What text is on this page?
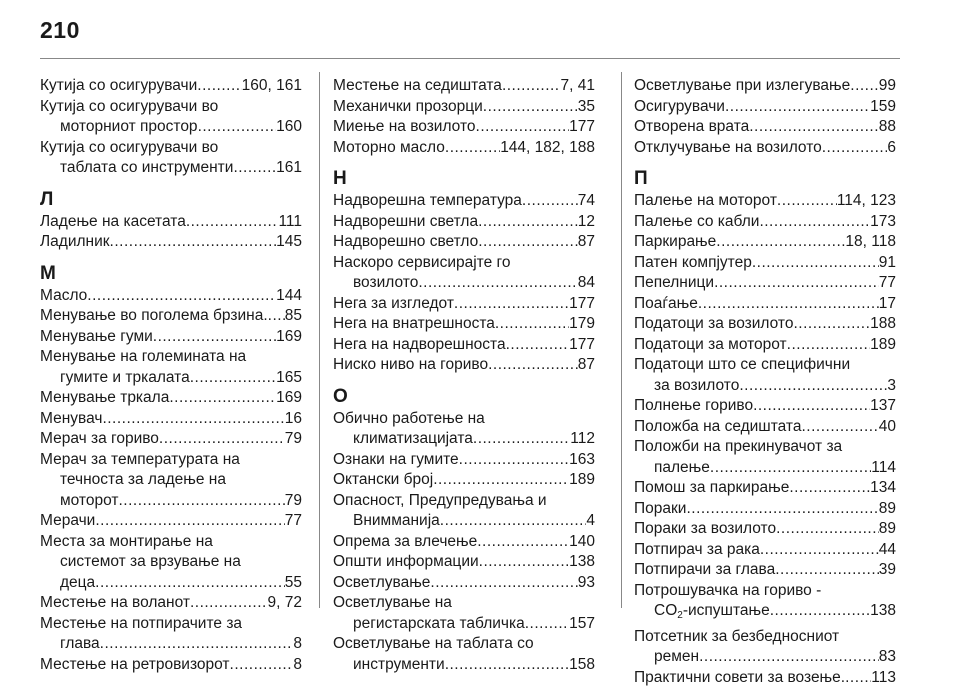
210
Кутија со осигурувачи .....	160, 161
Кутија со осигурувачи во
моторниот простор .....	160
Кутија со осигурувачи во
таблата со инструменти .....	161
Л
Ладење на касетата .....	111
Ладилник .....	145
М
Масло .....	144
Менување во поголема брзина. ..... 85
Менување гуми .....	169
Менување на големината на
гумите и тркалата .....	165
Менување тркала .....	169
Менувач .....	16
Мерач за гориво .....	79
Мерач за температурата на
течноста за ладење на
моторот .....	79
Мерачи .....	77
Места за монтирање на
системот за врзување на
деца .....	55
Местење на воланот .....	9, 72
Местење на потпирачите за
глава .....	8
Местење на ретровизорот .....	8
Местење на седиштата .....	7, 41
Механички прозорци .....	35
Миење на возилото .....	177
Моторно масло .....	144, 182, 188
Н
Надворешна температура .....	74
Надворешни светла .....	12
Надворешно светло .....	87
Наскоро сервисирајте го
возилото .....	84
Нега за изгледот .....	177
Нега на внатрешноста .....	179
Нега на надворешноста .....	177
Ниско ниво на гориво .....	87
О
Обично работење на
климатизацијата .....	112
Ознаки на гумите .....	163
Октански број .....	189
Опасност, Предупредувања и
Внимманија .....	4
Опрема за влечење .....	140
Општи информации .....	138
Осветлување .....	93
Осветлување на
регистарската табличка .....	157
Осветлување на таблата со
инструменти .....	158
Осветлување при излегување ..... 99
Осигурувачи .....	159
Отворена врата .....	88
Отклучување на возилото .....	6
П
Палење на моторот .....	114, 123
Палење со кабли .....	173
Паркирање .....	18, 118
Патен компјутер .....	91
Пепелници .....	77
Поаѓање .....	17
Податоци за возилото .....	188
Податоци за моторот .....	189
Податоци што се специфични
за возилото .....	3
Полнење гориво .....	137
Положба на седиштата .....	40
Положби на прекинувачот за
палење .....	114
Помош за паркирање .....	134
Пораки .....	89
Пораки за возилото .....	89
Потпирач за рака .....	44
Потпирачи за глава .....	39
Потрошувачка на гориво -
$CO_2$-испуштање .....	138
Потсетник за безбедносниот
ремен .....	83
Практични совети за возење. ..... 113
